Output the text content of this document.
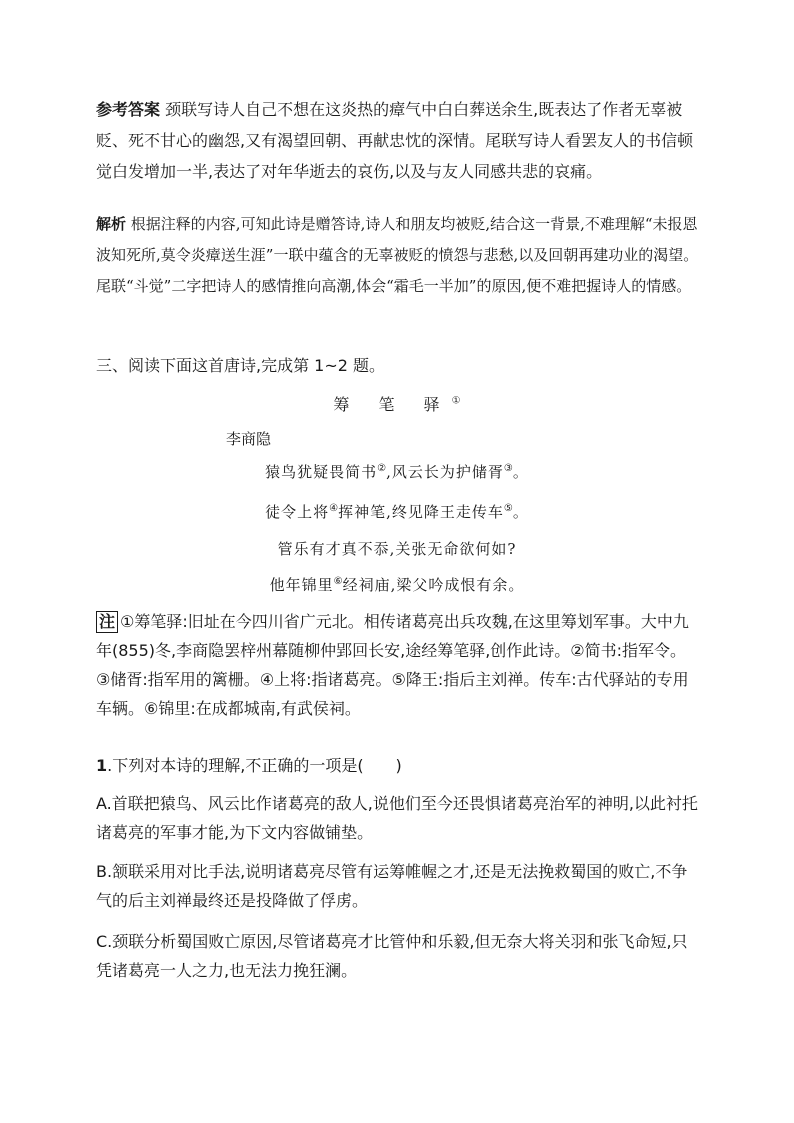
参考答案 颈联写诗人自己不想在这炎热的瘴气中白白葬送余生,既表达了作者无辜被贬、死不甘心的幽怨,又有渴望回朝、再献忠忱的深情。尾联写诗人看罢友人的书信顿觉白发增加一半,表达了对年华逝去的哀伤,以及与友人同感共悲的哀痛。

解析 根据注释的内容,可知此诗是赠答诗,诗人和朋友均被贬,结合这一背景,不难理解“未报恩波知死所,莫令炎瘴送生涯”一联中蕴含的无辜被贬的愤怨与悲愁,以及回朝再建功业的渴望。尾联“斗觉”二字把诗人的感情推向高潮,体会“霜毛一半加”的原因,便不难把握诗人的情感。

三、阅读下面这首唐诗,完成第 1~2 题。

筹 笔 驿①
李商隐
猿鸟犹疑畏简书②,风云长为护储胥③。
徒令上将④挥神笔,终见降王走传车⑤。
管乐有才真不忝,关张无命欲何如?
他年锦里⑥经祠庙,梁父吟成恨有余。

注 ①筹笔驿:旧址在今四川省广元北。相传诸葛亮出兵攻魏,在这里筹划军事。大中九年(855)冬,李商隐罢梓州幕随柳仲郢回长安,途经筹笔驿,创作此诗。②简书:指军令。③储胥:指军用的篱栅。④上将:指诸葛亮。⑤降王:指后主刘禅。传车:古代驿站的专用车辆。⑥锦里:在成都城南,有武侯祠。

1.下列对本诗的理解,不正确的一项是(　　)

A.首联把猿鸟、风云比作诸葛亮的敌人,说他们至今还畏惧诸葛亮治军的神明,以此衬托诸葛亮的军事才能,为下文内容做铺垫。

B.颔联采用对比手法,说明诸葛亮尽管有运筹帷幄之才,还是无法挽救蜀国的败亡,不争气的后主刘禅最终还是投降做了俘虏。

C.颈联分析蜀国败亡原因,尽管诸葛亮才比管仲和乐毅,但无奈大将关羽和张飞命短,只凭诸葛亮一人之力,也无法力挽狂澜。
